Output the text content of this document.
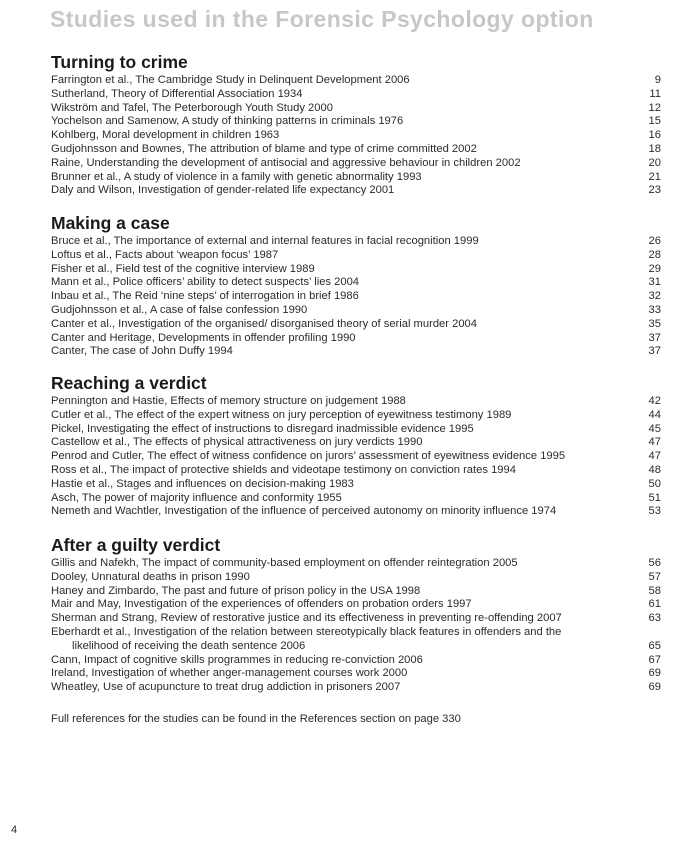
Studies used in the Forensic Psychology option
Turning to crime
Farrington et al., The Cambridge Study in Delinquent Development 2006	9
Sutherland, Theory of Differential Association 1934	11
Wikström and Tafel, The Peterborough Youth Study 2000	12
Yochelson and Samenow, A study of thinking patterns in criminals 1976	15
Kohlberg, Moral development in children 1963	16
Gudjohnsson and Bownes, The attribution of blame and type of crime committed 2002	18
Raine, Understanding the development of antisocial and aggressive behaviour in children 2002	20
Brunner et al., A study of violence in a family with genetic abnormality 1993	21
Daly and Wilson, Investigation of gender-related life expectancy 2001	23
Making a case
Bruce et al., The importance of external and internal features in facial recognition 1999	26
Loftus et al., Facts about ‘weapon focus’ 1987	28
Fisher et al., Field test of the cognitive interview 1989	29
Mann et al., Police officers’ ability to detect suspects’ lies 2004	31
Inbau et al., The Reid ‘nine steps’ of interrogation in brief 1986	32
Gudjohnsson et al., A case of false confession 1990	33
Canter et al., Investigation of the organised/ disorganised theory of serial murder 2004	35
Canter and Heritage, Developments in offender profiling 1990	37
Canter, The case of John Duffy 1994	37
Reaching a verdict
Pennington and Hastie, Effects of memory structure on judgement 1988	42
Cutler et al., The effect of the expert witness on jury perception of eyewitness testimony 1989	44
Pickel, Investigating the effect of instructions to disregard inadmissible evidence 1995	45
Castellow et al., The effects of physical attractiveness on jury verdicts 1990	47
Penrod and Cutler, The effect of witness confidence on jurors’ assessment of eyewitness evidence 1995	47
Ross et al., The impact of protective shields and videotape testimony on conviction rates 1994	48
Hastie et al., Stages and influences on decision-making 1983	50
Asch, The power of majority influence and conformity 1955	51
Nemeth and Wachtler, Investigation of the influence of perceived autonomy on minority influence 1974	53
After a guilty verdict
Gillis and Nafekh, The impact of community-based employment on offender reintegration 2005	56
Dooley, Unnatural deaths in prison 1990	57
Haney and Zimbardo, The past and future of prison policy in the USA 1998	58
Mair and May, Investigation of the experiences of offenders on probation orders 1997	61
Sherman and Strang, Review of restorative justice and its effectiveness in preventing re-offending 2007	63
Eberhardt et al., Investigation of the relation between stereotypically black features in offenders and the
likelihood of receiving the death sentence 2006	65
Cann, Impact of cognitive skills programmes in reducing re-conviction 2006	67
Ireland, Investigation of whether anger-management courses work 2000	69
Wheatley, Use of acupuncture to treat drug addiction in prisoners 2007	69
Full references for the studies can be found in the References section on page 330
4
